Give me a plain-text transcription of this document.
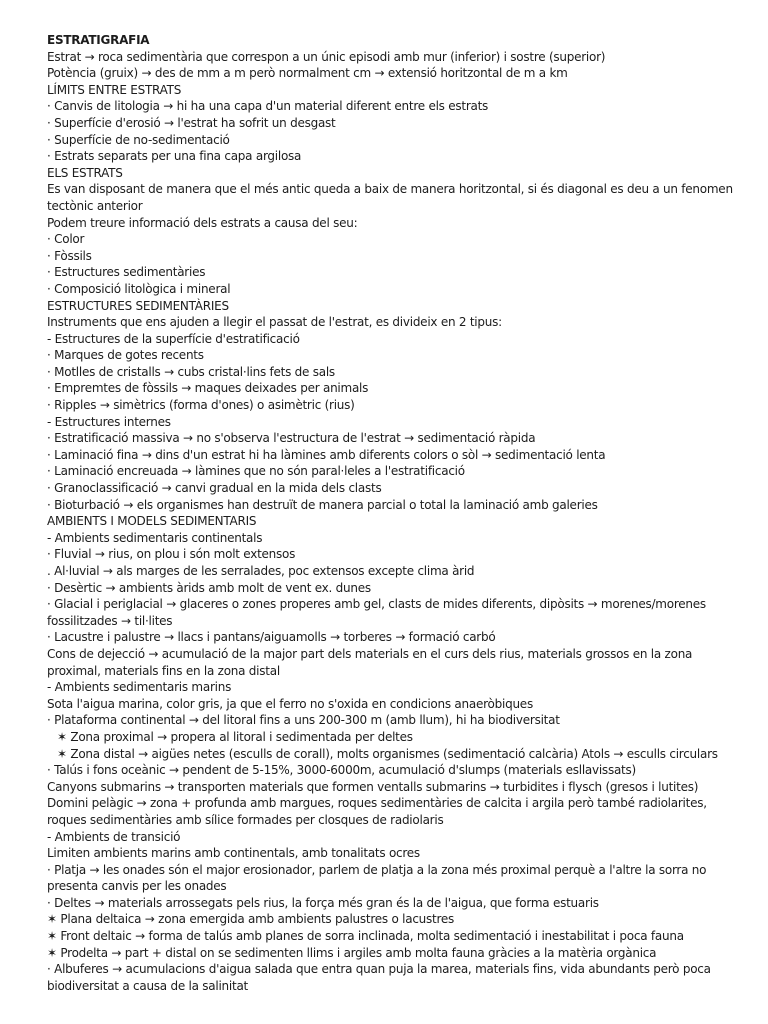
ESTRATIGRAFIA

Estrat → roca sedimentària que correspon a un únic episodi amb mur (inferior) i sostre (superior)

Potència (gruix) → des de mm a m però normalment cm → extensió horitzontal de m a km

LÍMITS ENTRE ESTRATS

· Canvis de litologia → hi ha una capa d'un material diferent entre els estrats

· Superfície d'erosió → l'estrat ha sofrit un desgast

· Superfície de no-sedimentació

· Estrats separats per una fina capa argilosa

ELS ESTRATS

Es van disposant de manera que el més antic queda a baix de manera horitzontal, si és diagonal es deu a un fenomen tectònic anterior

Podem treure informació dels estrats a causa del seu:

· Color

· Fòssils

· Estructures sedimentàries

· Composició litològica i mineral

ESTRUCTURES SEDIMENTÀRIES

Instruments que ens ajuden a llegir el passat de l'estrat, es divideix en 2 tipus:

- Estructures de la superfície d'estratificació

· Marques de gotes recents

· Motlles de cristalls → cubs cristal·lins fets de sals

· Empremtes de fòssils → maques deixades per animals

· Ripples → simètrics (forma d'ones) o asimètric (rius)

- Estructures internes

· Estratificació massiva → no s'observa l'estructura de l'estrat → sedimentació ràpida

· Laminació fina → dins d'un estrat hi ha làmines amb diferents colors o sòl → sedimentació lenta

· Laminació encreuada → làmines que no són paral·leles a l'estratificació

· Granoclassificació → canvi gradual en la mida dels clasts

· Bioturbació → els organismes han destruït de manera parcial o total la laminació amb galeries

AMBIENTS I MODELS SEDIMENTARIS

- Ambients sedimentaris continentals

· Fluvial → rius, on plou i són molt extensos

. Al·luvial → als marges de les serralades, poc extensos excepte clima àrid

· Desèrtic → ambients àrids amb molt de vent ex. dunes

· Glacial i periglacial → glaceres o zones properes amb gel, clasts de mides diferents, dipòsits → morenes/morenes fossilitzades → til·lites

· Lacustre i palustre → llacs i pantans/aiguamolls → torberes → formació carbó

Cons de dejecció → acumulació de la major part dels materials en el curs dels rius, materials grossos en la zona proximal, materials fins en la zona distal

- Ambients sedimentaris marins

Sota l'aigua marina, color gris, ja que el ferro no s'oxida en condicions anaeròbiques

· Plataforma continental → del litoral fins a uns 200-300 m (amb llum), hi ha biodiversitat

✶ Zona proximal → propera al litoral i sedimentada per deltes

✶ Zona distal → aigües netes (esculls de corall), molts organismes (sedimentació calcària) Atols → esculls circulars

· Talús i fons oceànic → pendent de 5-15%, 3000-6000m, acumulació d'slumps (materials esllavissats)

Canyons submarins → transporten materials que formen ventalls submarins → turbidites i flysch (gresos i lutites)

Domini pelàgic → zona + profunda amb margues, roques sedimentàries de calcita i argila però també radiolarites, roques sedimentàries amb sílice formades per closques de radiolaris

- Ambients de transició

Limiten ambients marins amb continentals, amb tonalitats ocres

· Platja → les onades són el major erosionador, parlem de platja a la zona més proximal perquè a l'altre la sorra no presenta canvis per les onades

· Deltes → materials arrossegats pels rius, la força més gran és la de l'aigua, que forma estuaris

✶ Plana deltaica → zona emergida amb ambients palustres o lacustres

✶ Front deltaic → forma de talús amb planes de sorra inclinada, molta sedimentació i inestabilitat i poca fauna

✶ Prodelta → part + distal on se sedimenten llims i argiles amb molta fauna gràcies a la matèria orgànica

· Albuferes → acumulacions d'aigua salada que entra quan puja la marea, materials fins, vida abundants però poca biodiversitat a causa de la salinitat
